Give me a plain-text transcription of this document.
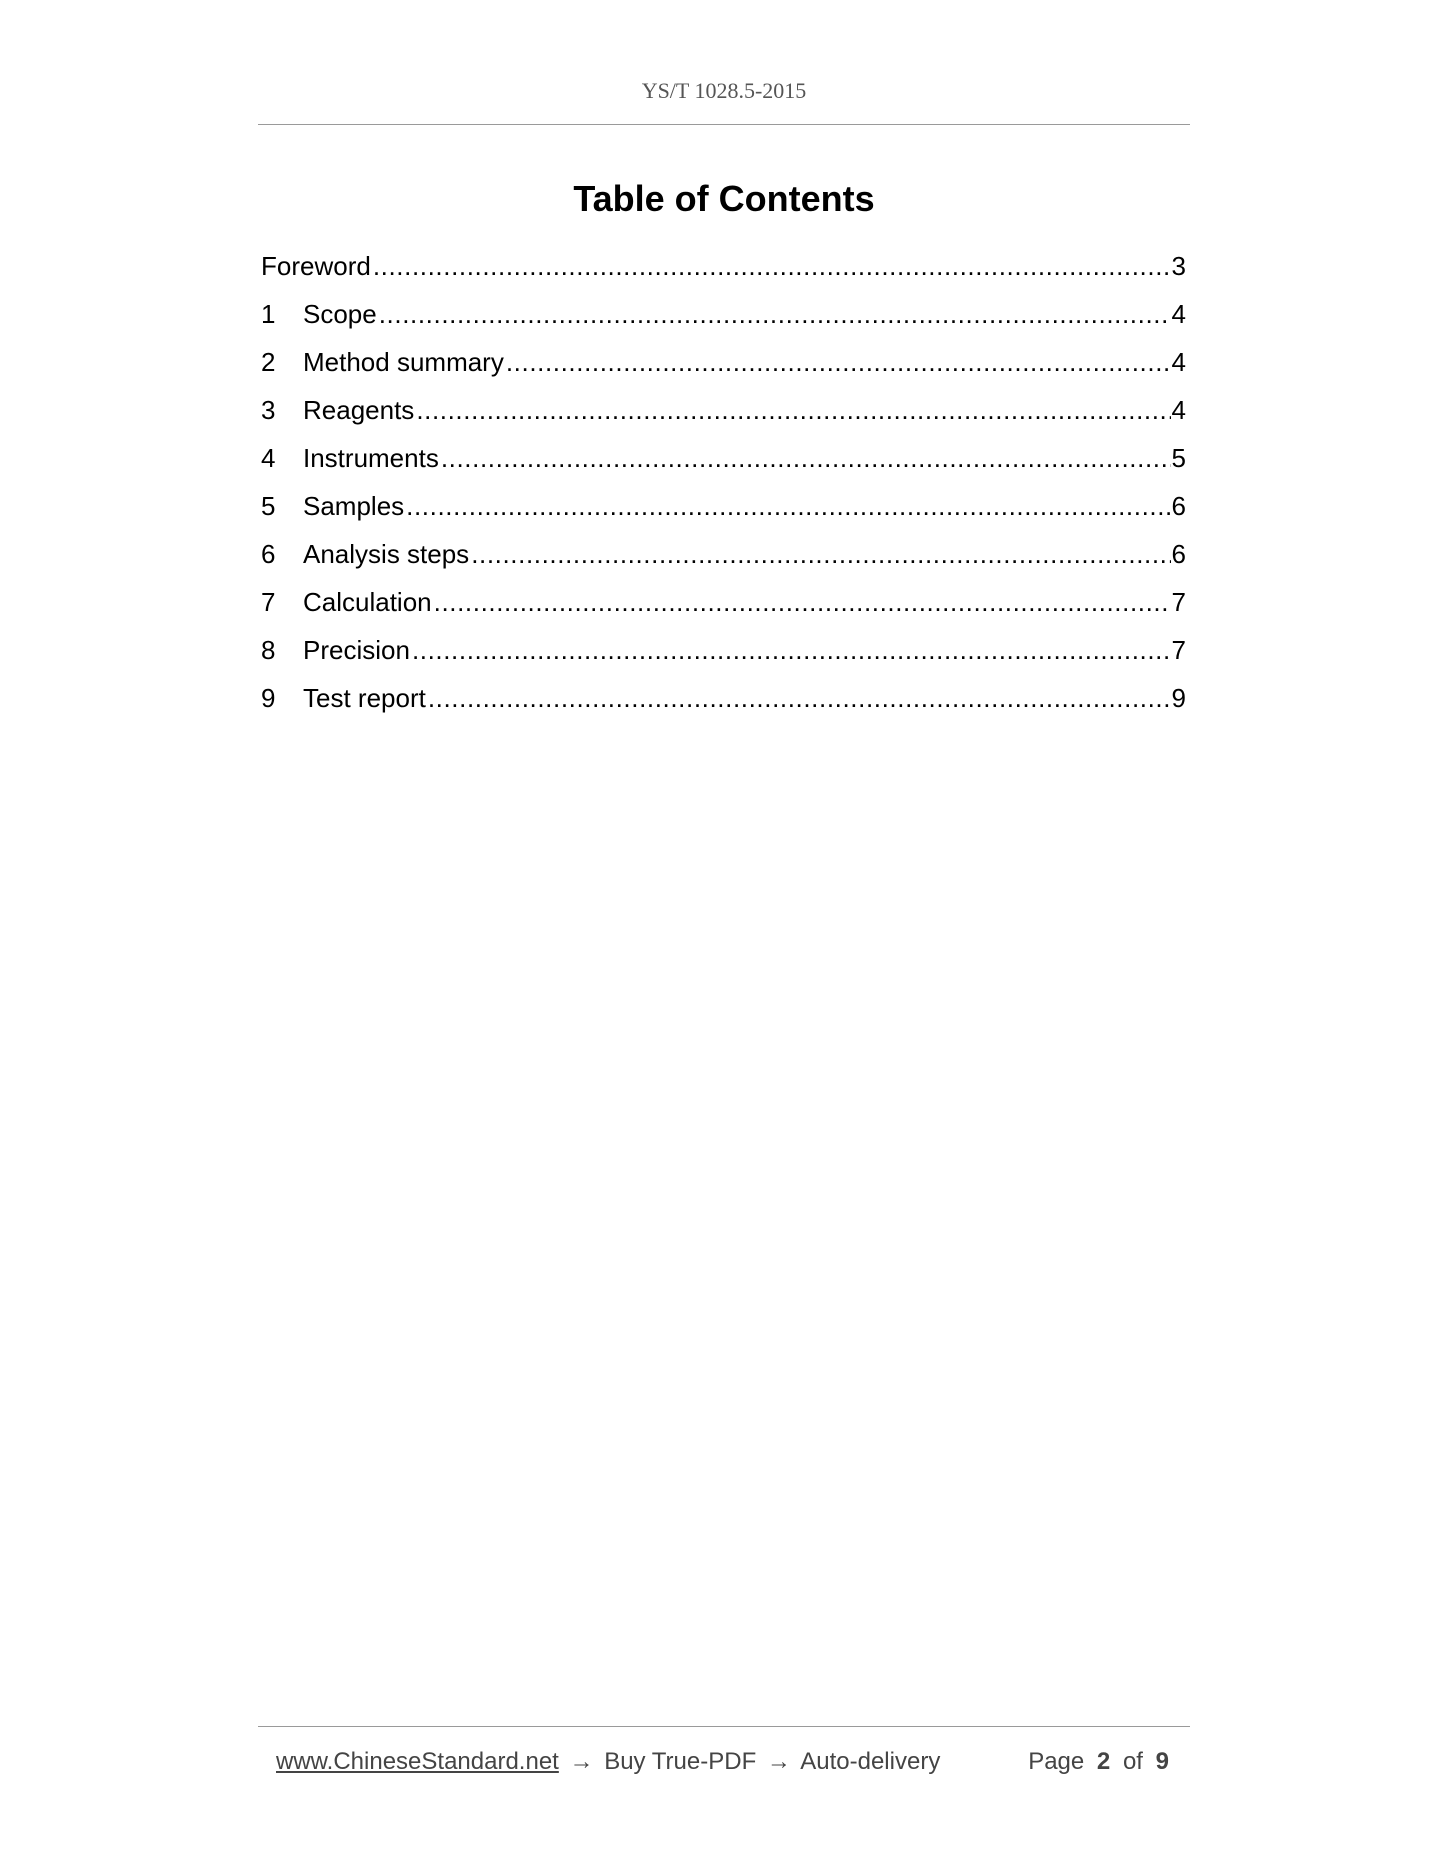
YS/T 1028.5-2015
Table of Contents
Foreword .....	3
1	Scope .....	4
2	Method summary .....	4
3	Reagents .....	4
4	Instruments .....	5
5	Samples .....	6
6	Analysis steps .....	6
7	Calculation .....	7
8	Precision .....	7
9	Test report .....	9
www.ChineseStandard.net → Buy True-PDF → Auto-delivery	Page 2 of 9
